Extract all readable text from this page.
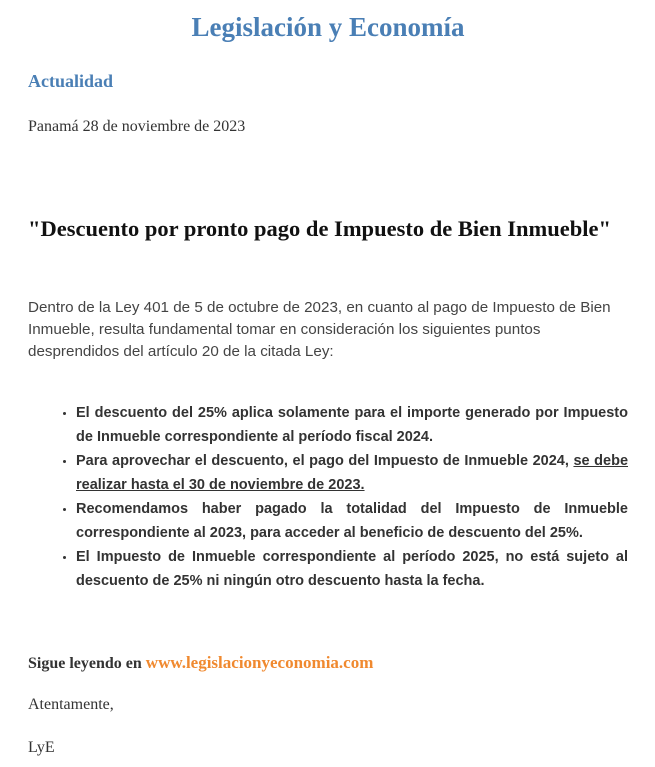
Legislación y Economía
Actualidad
Panamá 28 de noviembre de 2023
"Descuento por pronto pago de Impuesto de Bien Inmueble"

Dentro de la Ley 401 de 5 de octubre de 2023, en cuanto al pago de Impuesto de Bien Inmueble, resulta fundamental tomar en consideración los siguientes puntos desprendidos del artículo 20 de la citada Ley:

El descuento del 25% aplica solamente para el importe generado por Impuesto de Inmueble correspondiente al período fiscal 2024.
Para aprovechar el descuento, el pago del Impuesto de Inmueble 2024, se debe realizar hasta el 30 de noviembre de 2023.
Recomendamos haber pagado la totalidad del Impuesto de Inmueble correspondiente al 2023, para acceder al beneficio de descuento del 25%.
El Impuesto de Inmueble correspondiente al período 2025, no está sujeto al descuento de 25% ni ningún otro descuento hasta la fecha.
Sigue leyendo en www.legislacionyeconomia.com
Atentamente,
LyE
